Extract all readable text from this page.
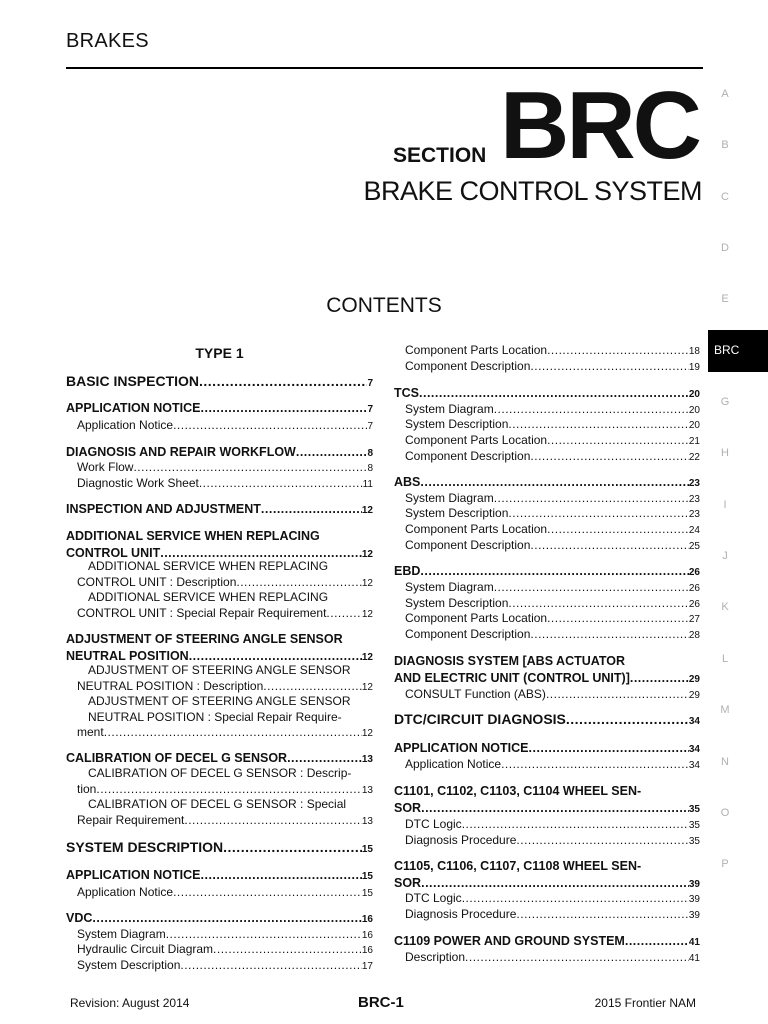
BRAKES
SECTION BRC
BRAKE CONTROL SYSTEM
CONTENTS
A
B
C
D
E
G
H
I
J
K
L
M
N
O
P
BRC
TYPE 1
BASIC INSPECTION .....	7
APPLICATION NOTICE .....	7
Application Notice .....	7
DIAGNOSIS AND REPAIR WORKFLOW .....	8
Work Flow .....	8
Diagnostic Work Sheet .....	11
INSPECTION AND ADJUSTMENT .....	12
ADDITIONAL SERVICE WHEN REPLACING
CONTROL UNIT .....	12
ADDITIONAL SERVICE WHEN REPLACING
CONTROL UNIT : Description .....	12
ADDITIONAL SERVICE WHEN REPLACING
CONTROL UNIT : Special Repair Requirement .....	12
ADJUSTMENT OF STEERING ANGLE SENSOR
NEUTRAL POSITION .....	12
ADJUSTMENT OF STEERING ANGLE SENSOR
NEUTRAL POSITION : Description .....	12
ADJUSTMENT OF STEERING ANGLE SENSOR
NEUTRAL POSITION : Special Repair Require-
ment .....	12
CALIBRATION OF DECEL G SENSOR .....	13
CALIBRATION OF DECEL G SENSOR : Descrip-
tion .....	13
CALIBRATION OF DECEL G SENSOR : Special
Repair Requirement .....	13
SYSTEM DESCRIPTION .....	15
APPLICATION NOTICE .....	15
Application Notice .....	15
VDC .....	16
System Diagram .....	16
Hydraulic Circuit Diagram .....	16
System Description .....	17
Component Parts Location .....	18
Component Description .....	19
TCS .....	20
System Diagram .....	20
System Description .....	20
Component Parts Location .....	21
Component Description .....	22
ABS .....	23
System Diagram .....	23
System Description .....	23
Component Parts Location .....	24
Component Description .....	25
EBD .....	26
System Diagram .....	26
System Description .....	26
Component Parts Location .....	27
Component Description .....	28
DIAGNOSIS SYSTEM [ABS ACTUATOR
AND ELECTRIC UNIT (CONTROL UNIT)] .....	29
CONSULT Function (ABS) .....	29
DTC/CIRCUIT DIAGNOSIS .....	34
APPLICATION NOTICE .....	34
Application Notice .....	34
C1101, C1102, C1103, C1104 WHEEL SEN-
SOR .....	35
DTC Logic .....	35
Diagnosis Procedure .....	35
C1105, C1106, C1107, C1108 WHEEL SEN-
SOR .....	39
DTC Logic .....	39
Diagnosis Procedure .....	39
C1109 POWER AND GROUND SYSTEM .....	41
Description .....	41
Revision: August 2014	BRC-1	2015 Frontier NAM
